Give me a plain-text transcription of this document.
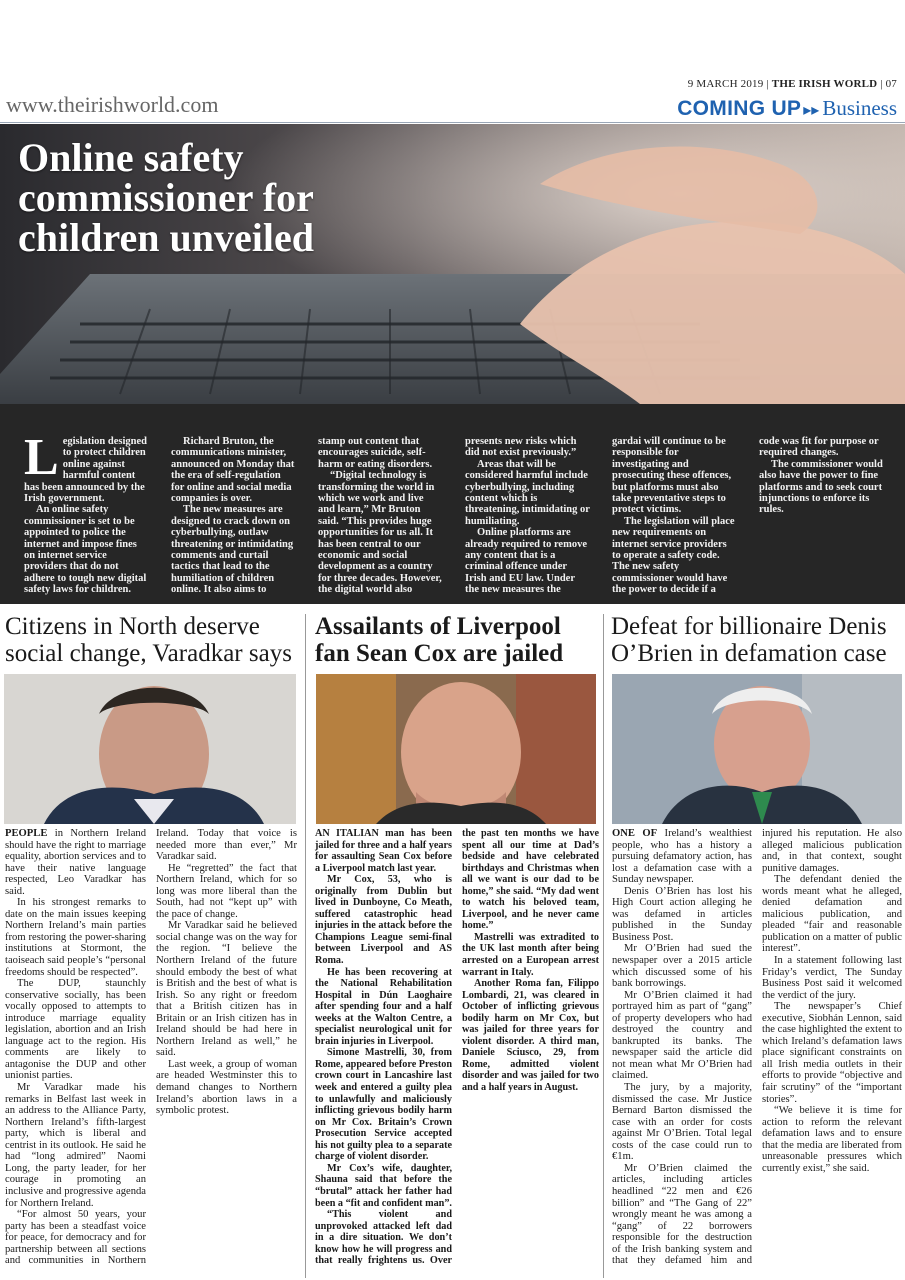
9 MARCH 2019 | THE IRISH WORLD | 07
www.theirishworld.com	COMING UP ▸▸ Business
Online safety commissioner for children unveiled

Legislation designed to protect children online against harmful content has been announced by the Irish government.

An online safety commissioner is set to be appointed to police the internet and impose fines on internet service providers that do not adhere to tough new digital safety laws for children.

Richard Bruton, the communications minister, announced on Monday that the era of self-regulation for online and social media companies is over.

The new measures are designed to crack down on cyberbullying, outlaw threatening or intimidating comments and curtail tactics that lead to the humiliation of children online. It also aims to stamp out content that encourages suicide, self-harm or eating disorders.

“Digital technology is transforming the world in which we work and live and learn,” Mr Bruton said. “This provides huge opportunities for us all. It has been central to our economic and social development as a country for three decades. However, the digital world also presents new risks which did not exist previously.”

Areas that will be considered harmful include cyberbullying, including content which is threatening, intimidating or humiliating.

Online platforms are already required to remove any content that is a criminal offence under Irish and EU law. Under the new measures the gardai will continue to be responsible for investigating and prosecuting these offences, but platforms must also take preventative steps to protect victims.

The legislation will place new requirements on internet service providers to operate a safety code. The new safety commissioner would have the power to decide if a code was fit for purpose or required changes.

The commissioner would also have the power to fine platforms and to seek court injunctions to enforce its rules.

Citizens in North deserve social change, Varadkar says

PEOPLE in Northern Ireland should have the right to marriage equality, abortion services and to have their native language respected, Leo Varadkar has said.

In his strongest remarks to date on the main issues keeping Northern Ireland’s main parties from restoring the power-sharing institutions at Stormont, the taoiseach said people’s “personal freedoms should be respected”.

The DUP, staunchly conservative socially, has been vocally opposed to attempts to introduce marriage equality legislation, abortion and an Irish language act to the region. His comments are likely to antagonise the DUP and other unionist parties.

Mr Varadkar made his remarks in Belfast last week in an address to the Alliance Party, Northern Ireland’s fifth-largest party, which is liberal and centrist in its outlook. He said he had “long admired” Naomi Long, the party leader, for her courage in promoting an inclusive and progressive agenda for Northern Ireland.

“For almost 50 years, your party has been a steadfast voice for peace, for democracy and for partnership between all sections and communities in Northern Ireland. Today that voice is needed more than ever,” Mr Varadkar said.

He “regretted” the fact that Northern Ireland, which for so long was more liberal than the South, had not “kept up” with the pace of change.

Mr Varadkar said he believed social change was on the way for the region. “I believe the Northern Ireland of the future should embody the best of what is British and the best of what is Irish. So any right or freedom that a British citizen has in Britain or an Irish citizen has in Ireland should be had here in Northern Ireland as well,” he said.

Last week, a group of woman are headed Westminster this to demand changes to Northern Ireland’s abortion laws in a symbolic protest.

Assailants of Liverpool fan Sean Cox are jailed

AN ITALIAN man has been jailed for three and a half years for assaulting Sean Cox before a Liverpool match last year.

Mr Cox, 53, who is originally from Dublin but lived in Dunboyne, Co Meath, suffered catastrophic head injuries in the attack before the Champions League semi-final between Liverpool and AS Roma.

He has been recovering at the National Rehabilitation Hospital in Dún Laoghaire after spending four and a half weeks at the Walton Centre, a specialist neurological unit for brain injuries in Liverpool.

Simone Mastrelli, 30, from Rome, appeared before Preston crown court in Lancashire last week and entered a guilty plea to unlawfully and maliciously inflicting grievous bodily harm on Mr Cox. Britain’s Crown Prosecution Service accepted his not guilty plea to a separate charge of violent disorder.

Mr Cox’s wife, daughter, Shauna said that before the “brutal” attack her father had been a “fit and confident man”.

“This violent and unprovoked attacked left dad in a dire situation. We don’t know how he will progress and that really frightens us. Over the past ten months we have spent all our time at Dad’s bedside and have celebrated birthdays and Christmas when all we want is our dad to be home,” she said. “My dad went to watch his beloved team, Liverpool, and he never came home.”

Mastrelli was extradited to the UK last month after being arrested on a European arrest warrant in Italy.

Another Roma fan, Filippo Lombardi, 21, was cleared in October of inflicting grievous bodily harm on Mr Cox, but was jailed for three years for violent disorder. A third man, Daniele Sciusco, 29, from Rome, admitted violent disorder and was jailed for two and a half years in August.

Defeat for billionaire Denis O’Brien in defamation case

ONE OF Ireland’s wealthiest people, who has a history a pursuing defamatory action, has lost a defamation case with a Sunday newspaper.

Denis O’Brien has lost his High Court action alleging he was defamed in articles published in the Sunday Business Post.

Mr O’Brien had sued the newspaper over a 2015 article which discussed some of his bank borrowings.

Mr O’Brien claimed it had portrayed him as part of “gang” of property developers who had destroyed the country and bankrupted its banks. The newspaper said the article did not mean what Mr O’Brien had claimed.

The jury, by a majority, dismissed the case. Mr Justice Bernard Barton dismissed the case with an order for costs against Mr O’Brien. Total legal costs of the case could run to €1m.

Mr O’Brien claimed the articles, including articles headlined “22 men and €26 billion” and “The Gang of 22” wrongly meant he was among a “gang” of 22 borrowers responsible for the destruction of the Irish banking system and that they defamed him and injured his reputation. He also alleged malicious publication and, in that context, sought punitive damages.

The defendant denied the words meant what he alleged, denied defamation and malicious publication, and pleaded “fair and reasonable publication on a matter of public interest”.

In a statement following last Friday’s verdict, The Sunday Business Post said it welcomed the verdict of the jury.

The newspaper’s Chief executive, Siobhán Lennon, said the case highlighted the extent to which Ireland’s defamation laws place significant constraints on all Irish media outlets in their efforts to provide “objective and fair scrutiny” of the “important stories”.

“We believe it is time for action to reform the relevant defamation laws and to ensure that the media are liberated from unreasonable pressures which currently exist,” she said.
